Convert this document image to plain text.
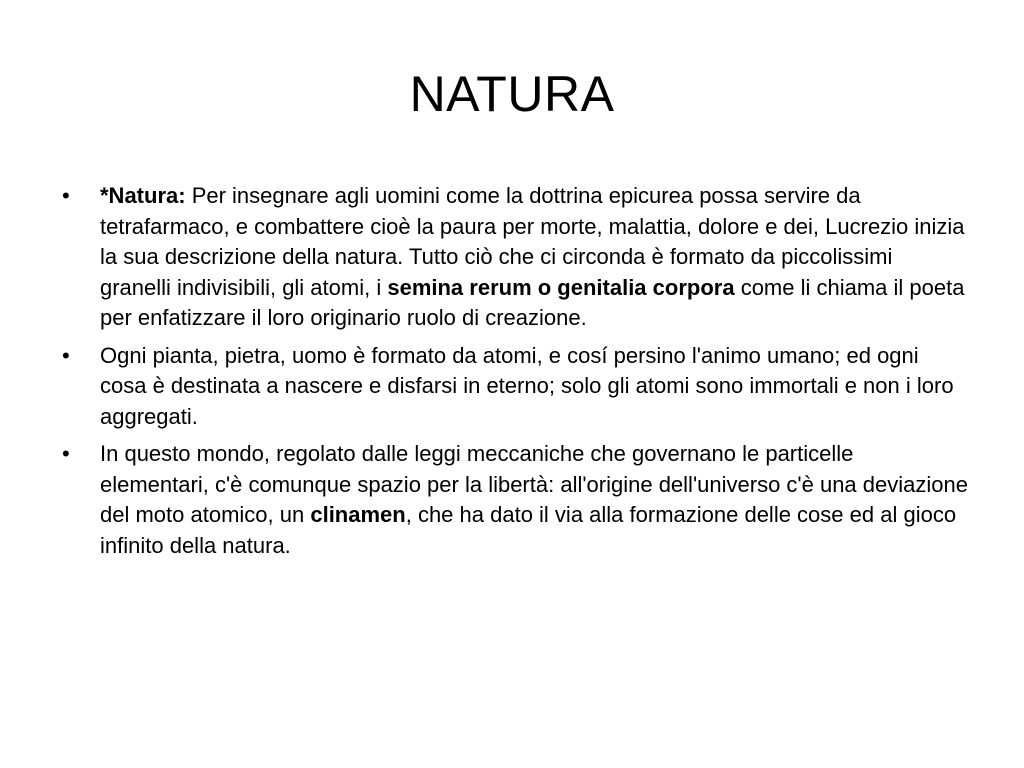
NATURA
•	*Natura: Per insegnare agli uomini come la dottrina epicurea possa servire da tetrafarmaco, e combattere cioè la paura per morte, malattia, dolore e dei, Lucrezio inizia la sua descrizione della natura. Tutto ciò che ci circonda è formato da piccolissimi granelli indivisibili, gli atomi, i semina rerum o genitalia corpora come li chiama il poeta per enfatizzare il loro originario ruolo di creazione.
•	Ogni pianta, pietra, uomo è formato da atomi, e cosí persino l'animo umano; ed ogni cosa è destinata a nascere e disfarsi in eterno; solo gli atomi sono immortali e non i loro aggregati.
•	In questo mondo, regolato dalle leggi meccaniche che governano le particelle elementari, c'è comunque spazio per la libertà: all'origine dell'universo c'è una deviazione del moto atomico, un clinamen, che ha dato il via alla formazione delle cose ed al gioco infinito della natura.
